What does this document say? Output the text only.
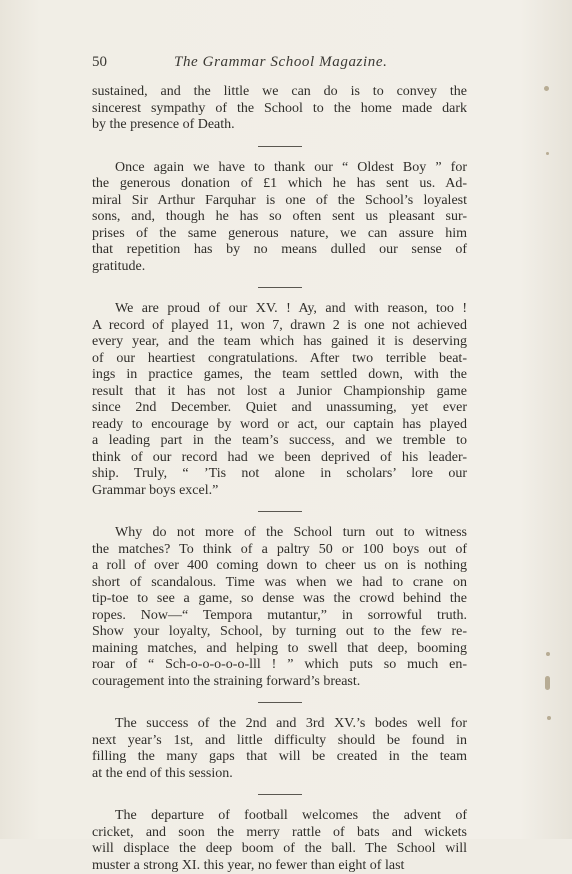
50	The Grammar School Magazine.

sustained, and the little we can do is to convey the
sincerest sympathy of the School to the home made dark
by the presence of Death.

Once again we have to thank our “ Oldest Boy ” for
the generous donation of £1 which he has sent us. Ad-
miral Sir Arthur Farquhar is one of the School’s loyalest
sons, and, though he has so often sent us pleasant sur-
prises of the same generous nature, we can assure him
that repetition has by no means dulled our sense of
gratitude.

We are proud of our XV. ! Ay, and with reason, too !
A record of played 11, won 7, drawn 2 is one not achieved
every year, and the team which has gained it is deserving
of our heartiest congratulations. After two terrible beat-
ings in practice games, the team settled down, with the
result that it has not lost a Junior Championship game
since 2nd December. Quiet and unassuming, yet ever
ready to encourage by word or act, our captain has played
a leading part in the team’s success, and we tremble to
think of our record had we been deprived of his leader-
ship. Truly, “ ’Tis not alone in scholars’ lore our
Grammar boys excel.”

Why do not more of the School turn out to witness
the matches? To think of a paltry 50 or 100 boys out of
a roll of over 400 coming down to cheer us on is nothing
short of scandalous. Time was when we had to crane on
tip-toe to see a game, so dense was the crowd behind the
ropes. Now—“ Tempora mutantur,” in sorrowful truth.
Show your loyalty, School, by turning out to the few re-
maining matches, and helping to swell that deep, booming
roar of “ Sch-o-o-o-o-o-lll ! ” which puts so much en-
couragement into the straining forward’s breast.

The success of the 2nd and 3rd XV.’s bodes well for
next year’s 1st, and little difficulty should be found in
filling the many gaps that will be created in the team
at the end of this session.

The departure of football welcomes the advent of
cricket, and soon the merry rattle of bats and wickets
will displace the deep boom of the ball. The School will
muster a strong XI. this year, no fewer than eight of last
